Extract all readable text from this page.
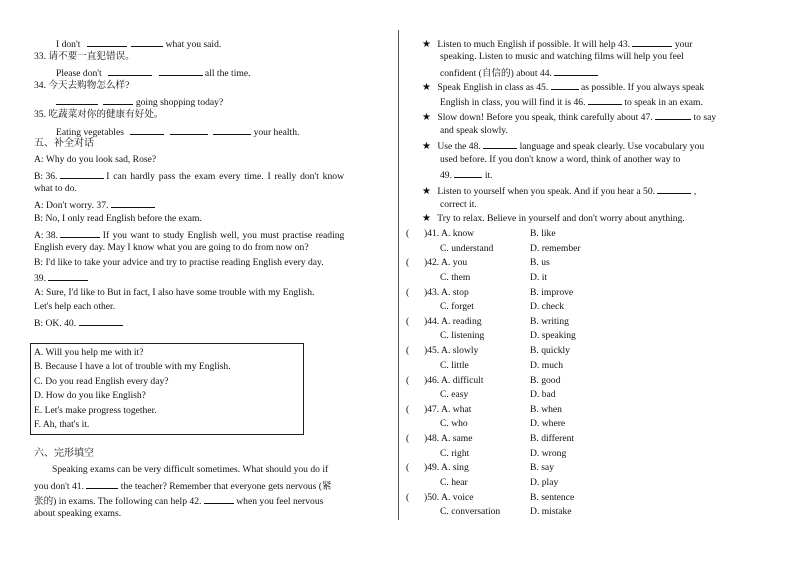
I don't	what you said.
33. 请不要一直犯错误。
Please don't	all the time.
34. 今天去购物怎么样?
going shopping today?
35. 吃蔬菜对你的健康有好处。
Eating vegetables	your health.
五、补全对话
A: Why do you look sad, Rose?
B: 36.	I can hardly pass the exam every time. I really don't know
what to do.
A: Don't worry. 37.
B: No, I only read English before the exam.
A: 38.	If you want to study English well, you must practise reading
English every day. May I know what you are going to do from now on?
B: I'd like to take your advice and try to practise reading English every day.
39.
A: Sure, I'd like to But in fact, I also have some trouble with my English.
Let's help each other.
B: OK. 40.
A. Will you help me with it?
B. Because I have a lot of trouble with my English.
C. Do you read English every day?
D. How do you like English?
E. Let's make progress together.
F. Ah, that's it.
六、完形填空
Speaking exams can be very difficult sometimes. What should you do if
you don't 41.	the teacher? Remember that everyone gets nervous (紧
张的) in exams. The following can help 42.	when you feel nervous
about speaking exams.
★ Listen to much English if possible. It will help 43.	your
speaking. Listen to music and watching films will help you feel
confident (自信的) about 44.
★ Speak English in class as 45.	as possible. If you always speak
English in class, you will find it is 46.	to speak in an exam.
★ Slow down! Before you speak, think carefully about 47.	to say
and speak slowly.
★ Use the 48.	language and speak clearly. Use vocabulary you
used before. If you don't know a word, think of another way to
49.	it.
★ Listen to yourself when you speak. And if you hear a 50.	,
correct it.
★ Try to relax. Believe in yourself and don't worry about anything.
( )41. A. know	B. like
C. understand	D. remember
( )42. A. you	B. us
C. them	D. it
( )43. A. stop	B. improve
C. forget	D. check
( )44. A. reading	B. writing
C. listening	D. speaking
( )45. A. slowly	B. quickly
C. little	D. much
( )46. A. difficult	B. good
C. easy	D. bad
( )47. A. what	B. when
C. who	D. where
( )48. A. same	B. different
C. right	D. wrong
( )49. A. sing	B. say
C. hear	D. play
( )50. A. voice	B. sentence
C. conversation	D. mistake
